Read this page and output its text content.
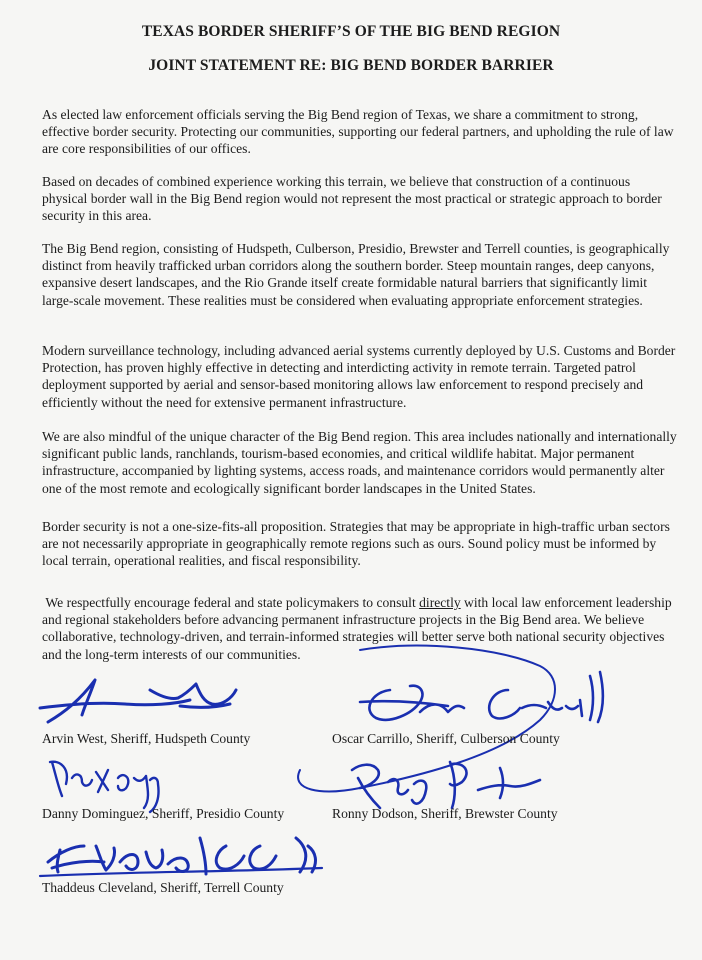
TEXAS BORDER SHERIFF’S OF THE BIG BEND REGION
JOINT STATEMENT RE: BIG BEND BORDER BARRIER

As elected law enforcement officials serving the Big Bend region of Texas, we share a commitment to strong, effective border security. Protecting our communities, supporting our federal partners, and upholding the rule of law are core responsibilities of our offices.

Based on decades of combined experience working this terrain, we believe that construction of a continuous physical border wall in the Big Bend region would not represent the most practical or strategic approach to border security in this area.

The Big Bend region, consisting of Hudspeth, Culberson, Presidio, Brewster and Terrell counties, is geographically distinct from heavily trafficked urban corridors along the southern border. Steep mountain ranges, deep canyons, expansive desert landscapes, and the Rio Grande itself create formidable natural barriers that significantly limit large-scale movement. These realities must be considered when evaluating appropriate enforcement strategies.

Modern surveillance technology, including advanced aerial systems currently deployed by U.S. Customs and Border Protection, has proven highly effective in detecting and interdicting activity in remote terrain. Targeted patrol deployment supported by aerial and sensor-based monitoring allows law enforcement to respond precisely and efficiently without the need for extensive permanent infrastructure.

We are also mindful of the unique character of the Big Bend region. This area includes nationally and internationally significant public lands, ranchlands, tourism-based economies, and critical wildlife habitat. Major permanent infrastructure, accompanied by lighting systems, access roads, and maintenance corridors would permanently alter one of the most remote and ecologically significant border landscapes in the United States.

Border security is not a one-size-fits-all proposition. Strategies that may be appropriate in high-traffic urban sectors are not necessarily appropriate in geographically remote regions such as ours. Sound policy must be informed by local terrain, operational realities, and fiscal responsibility.

We respectfully encourage federal and state policymakers to consult directly with local law enforcement leadership and regional stakeholders before advancing permanent infrastructure projects in the Big Bend area. We believe collaborative, technology-driven, and terrain-informed strategies will better serve both national security objectives and the long-term interests of our communities.

Arvin West, Sheriff, Hudspeth County	Oscar Carrillo, Sheriff, Culberson County
Danny Dominguez, Sheriff, Presidio County	Ronny Dodson, Sheriff, Brewster County
Thaddeus Cleveland, Sheriff, Terrell County
